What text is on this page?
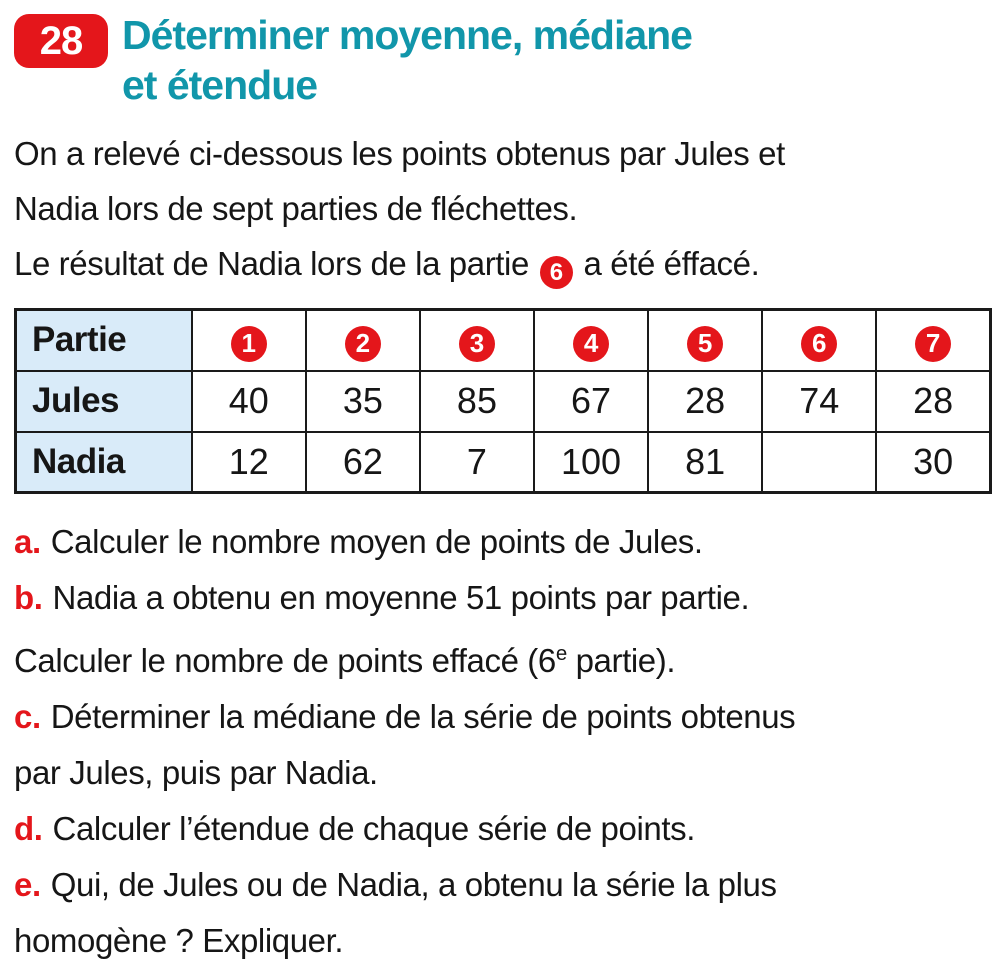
28 Déterminer moyenne, médiane
et étendue
On a relevé ci-dessous les points obtenus par Jules et
Nadia lors de sept parties de fléchettes.
Le résultat de Nadia lors de la partie 6 a été éffacé.
Partie	1	2	3	4	5	6	7

Jules	40	35	85	67	28	74	28
Nadia	12	62	7	100	81		30
a. Calculer le nombre moyen de points de Jules.
b. Nadia a obtenu en moyenne 51 points par partie.
Calculer le nombre de points effacé (6e partie).
c. Déterminer la médiane de la série de points obtenus
par Jules, puis par Nadia.
d. Calculer l’étendue de chaque série de points.
e. Qui, de Jules ou de Nadia, a obtenu la série la plus
homogène ? Expliquer.
